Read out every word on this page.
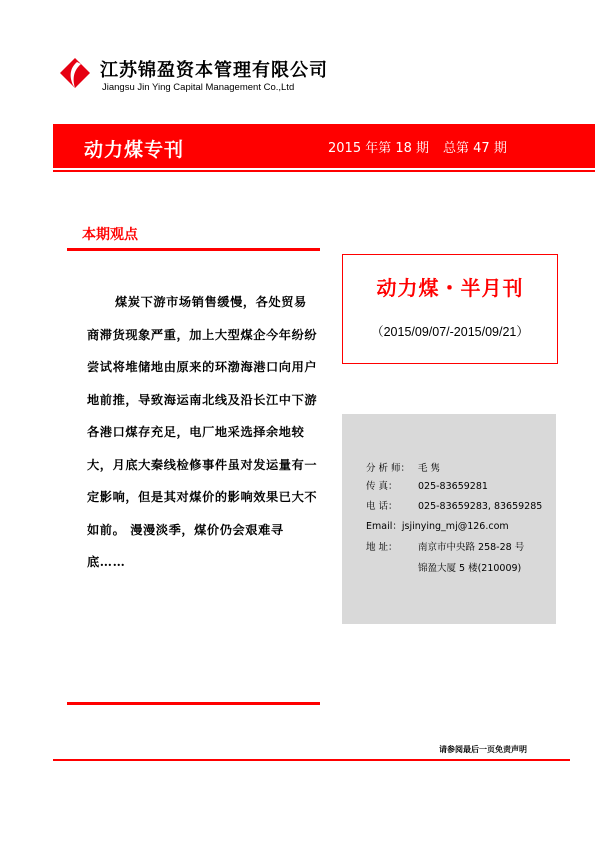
江苏锦盈资本管理有限公司
Jiangsu Jin Ying Capital Management Co.,Ltd
动力煤专刊	2015 年第 18 期 总第 47 期
本期观点
煤炭下游市场销售缓慢，各处贸易商滞货现象严重，加上大型煤企今年纷纷尝试将堆储地由原来的环渤海港口向用户地前推，导致海运南北线及沿长江中下游各港口煤存充足，电厂地采选择余地较大，月底大秦线检修事件虽对发运量有一定影响，但是其对煤价的影响效果已大不如前。 漫漫淡季，煤价仍会艰难寻底……
动力煤・半月刊
（2015/09/07/-2015/09/21）
分 析 师： 毛 隽
传 真： 025-83659281
电 话： 025-83659283, 83659285
Email：jsjinying_mj@126.com
地 址： 南京市中央路 258-28 号
锦盈大厦 5 楼(210009)
请参阅最后一页免责声明
